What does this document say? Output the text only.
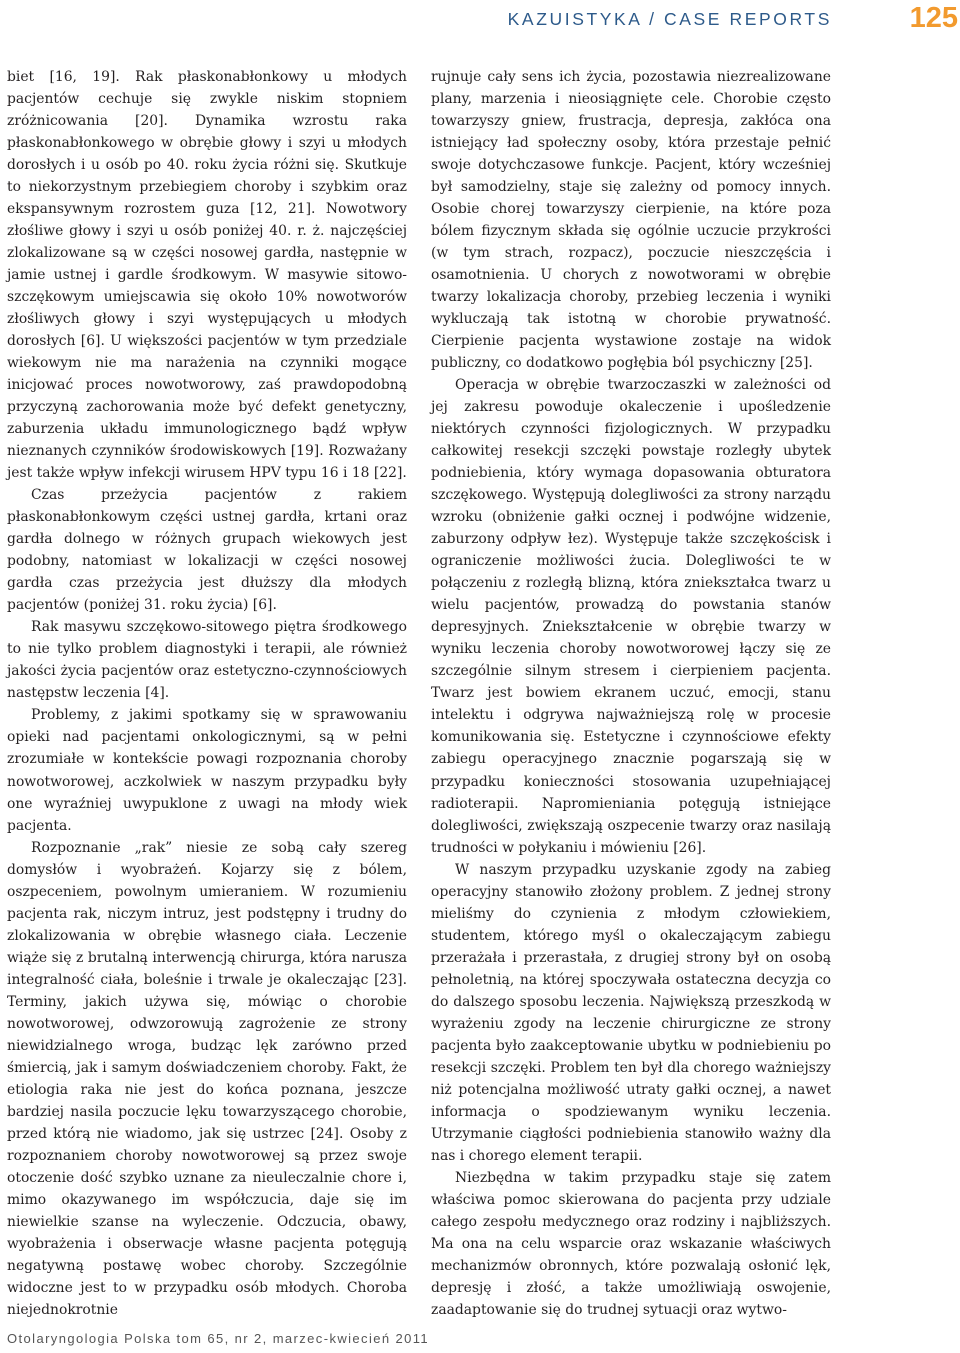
KAZUISTYKA / CASE REPORTS	125

biet [16, 19]. Rak płaskonabłonkowy u młodych pacjentów cechuje się zwykle niskim stopniem zróżnicowania [20]. Dynamika wzrostu raka płaskonabłonkowego w obrębie głowy i szyi u młodych dorosłych i u osób po 40. roku życia różni się. Skutkuje to niekorzystnym przebiegiem choroby i szybkim oraz ekspansywnym rozrostem guza [12, 21]. Nowotwory złośliwe głowy i szyi u osób poniżej 40. r. ż. najczęściej zlokalizowane są w części nosowej gardła, następnie w jamie ustnej i gardle środkowym. W masywie sitowo-szczękowym umiejscawia się około 10% nowotworów złośliwych głowy i szyi występujących u młodych dorosłych [6]. U większości pacjentów w tym przedziale wiekowym nie ma narażenia na czynniki mogące inicjować proces nowotworowy, zaś prawdopodobną przyczyną zachorowania może być defekt genetyczny, zaburzenia układu immunologicznego bądź wpływ nieznanych czynników środowiskowych [19]. Rozważany jest także wpływ infekcji wirusem HPV typu 16 i 18 [22].

Czas przeżycia pacjentów z rakiem płaskonabłonkowym części ustnej gardła, krtani oraz gardła dolnego w różnych grupach wiekowych jest podobny, natomiast w lokalizacji w części nosowej gardła czas przeżycia jest dłuższy dla młodych pacjentów (poniżej 31. roku życia) [6].

Rak masywu szczękowo-sitowego piętra środkowego to nie tylko problem diagnostyki i terapii, ale również jakości życia pacjentów oraz estetyczno-czynnościowych następstw leczenia [4].

Problemy, z jakimi spotkamy się w sprawowaniu opieki nad pacjentami onkologicznymi, są w pełni zrozumiałe w kontekście powagi rozpoznania choroby nowotworowej, aczkolwiek w naszym przypadku były one wyraźniej uwypuklone z uwagi na młody wiek pacjenta.

Rozpoznanie „rak” niesie ze sobą cały szereg domysłów i wyobrażeń. Kojarzy się z bólem, oszpeceniem, powolnym umieraniem. W rozumieniu pacjenta rak, niczym intruz, jest podstępny i trudny do zlokalizowania w obrębie własnego ciała. Leczenie wiąże się z brutalną interwencją chirurga, która narusza integralność ciała, boleśnie i trwale je okaleczając [23]. Terminy, jakich używa się, mówiąc o chorobie nowotworowej, odwzorowują zagrożenie ze strony niewidzialnego wroga, budząc lęk zarówno przed śmiercią, jak i samym doświadczeniem choroby. Fakt, że etiologia raka nie jest do końca poznana, jeszcze bardziej nasila poczucie lęku towarzyszącego chorobie, przed którą nie wiadomo, jak się ustrzec [24]. Osoby z rozpoznaniem choroby nowotworowej są przez swoje otoczenie dość szybko uznane za nieuleczalnie chore i, mimo okazywanego im współczucia, daje się im niewielkie szanse na wyleczenie. Odczucia, obawy, wyobrażenia i obserwacje własne pacjenta potęgują negatywną postawę wobec choroby. Szczególnie widoczne jest to w przypadku osób młodych. Choroba niejednokrotnie

rujnuje cały sens ich życia, pozostawia niezrealizowane plany, marzenia i nieosiągnięte cele. Chorobie często towarzyszy gniew, frustracja, depresja, zakłóca ona istniejący ład społeczny osoby, która przestaje pełnić swoje dotychczasowe funkcje. Pacjent, który wcześniej był samodzielny, staje się zależny od pomocy innych. Osobie chorej towarzyszy cierpienie, na które poza bólem fizycznym składa się ogólnie uczucie przykrości (w tym strach, rozpacz), poczucie nieszczęścia i osamotnienia. U chorych z nowotworami w obrębie twarzy lokalizacja choroby, przebieg leczenia i wyniki wykluczają tak istotną w chorobie prywatność. Cierpienie pacjenta wystawione zostaje na widok publiczny, co dodatkowo pogłębia ból psychiczny [25].

Operacja w obrębie twarzoczaszki w zależności od jej zakresu powoduje okaleczenie i upośledzenie niektórych czynności fizjologicznych. W przypadku całkowitej resekcji szczęki powstaje rozległy ubytek podniebienia, który wymaga dopasowania obturatora szczękowego. Występują dolegliwości za strony narządu wzroku (obniżenie gałki ocznej i podwójne widzenie, zaburzony odpływ łez). Występuje także szczękościsk i ograniczenie możliwości żucia. Dolegliwości te w połączeniu z rozległą blizną, która zniekształca twarz u wielu pacjentów, prowadzą do powstania stanów depresyjnych. Zniekształcenie w obrębie twarzy w wyniku leczenia choroby nowotworowej łączy się ze szczególnie silnym stresem i cierpieniem pacjenta. Twarz jest bowiem ekranem uczuć, emocji, stanu intelektu i odgrywa najważniejszą rolę w procesie komunikowania się. Estetyczne i czynnościowe efekty zabiegu operacyjnego znacznie pogarszają się w przypadku konieczności stosowania uzupełniającej radioterapii. Napromieniania potęgują istniejące dolegliwości, zwiększają oszpecenie twarzy oraz nasilają trudności w połykaniu i mówieniu [26].

W naszym przypadku uzyskanie zgody na zabieg operacyjny stanowiło złożony problem. Z jednej strony mieliśmy do czynienia z młodym człowiekiem, studentem, którego myśl o okaleczającym zabiegu przerażała i przerastała, z drugiej strony był on osobą pełnoletnią, na której spoczywała ostateczna decyzja co do dalszego sposobu leczenia. Największą przeszkodą w wyrażeniu zgody na leczenie chirurgiczne ze strony pacjenta było zaakceptowanie ubytku w podniebieniu po resekcji szczęki. Problem ten był dla chorego ważniejszy niż potencjalna możliwość utraty gałki ocznej, a nawet informacja o spodziewanym wyniku leczenia. Utrzymanie ciągłości podniebienia stanowiło ważny dla nas i chorego element terapii.

Niezbędna w takim przypadku staje się zatem właściwa pomoc skierowana do pacjenta przy udziale całego zespołu medycznego oraz rodziny i najbliższych. Ma ona na celu wsparcie oraz wskazanie właściwych mechanizmów obronnych, które pozwalają osłonić lęk, depresję i złość, a także umożliwiają oswojenie, zaadaptowanie się do trudnej sytuacji oraz wytwo-

Otolaryngologia Polska tom 65, nr 2, marzec-kwiecień 2011
